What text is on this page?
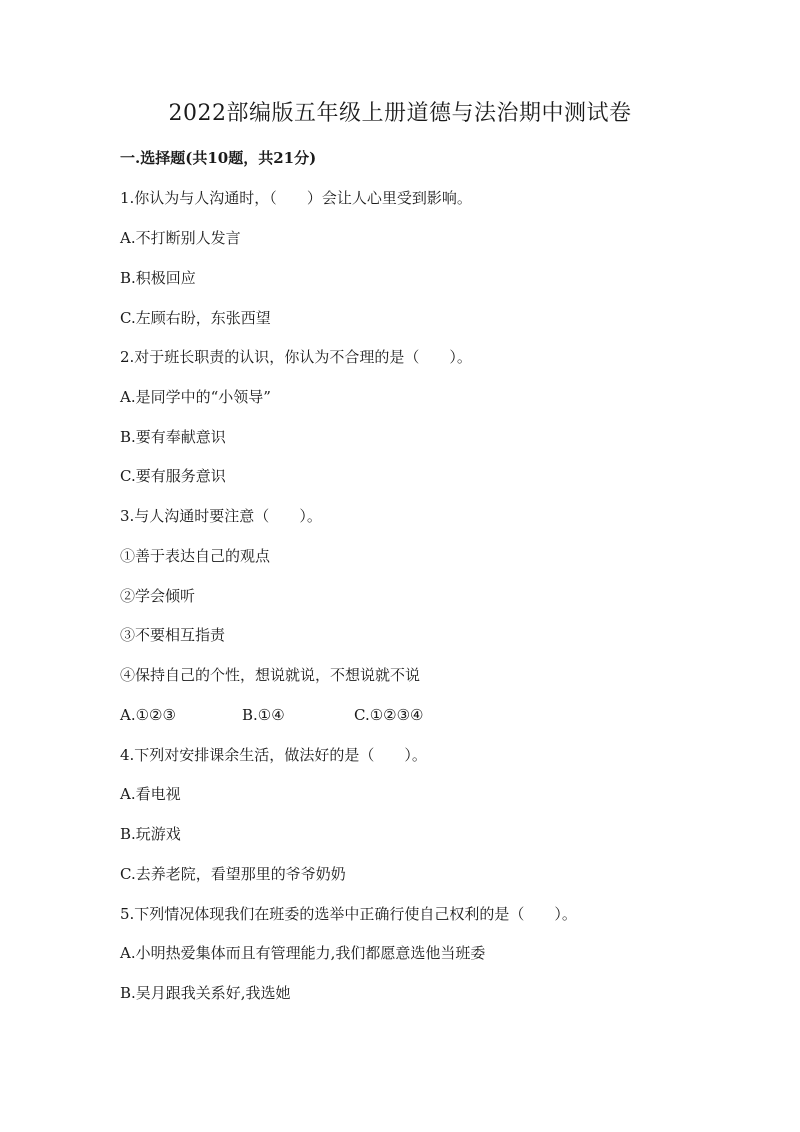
2022部编版五年级上册道德与法治期中测试卷
一.选择题(共10题，共21分)

1.你认为与人沟通时，（　　）会让人心里受到影响。

A.不打断别人发言

B.积极回应

C.左顾右盼，东张西望

2.对于班长职责的认识，你认为不合理的是（　　）。

A.是同学中的“小领导”

B.要有奉献意识

C.要有服务意识

3.与人沟通时要注意（　　）。

①善于表达自己的观点

②学会倾听

③不要相互指责

④保持自己的个性，想说就说，不想说就不说

A.①②③	B.①④	C.①②③④

4.下列对安排课余生活，做法好的是（　　）。

A.看电视

B.玩游戏

C.去养老院，看望那里的爷爷奶奶

5.下列情况体现我们在班委的选举中正确行使自己权利的是（　　）。

A.小明热爱集体而且有管理能力,我们都愿意选他当班委

B.吴月跟我关系好,我选她
